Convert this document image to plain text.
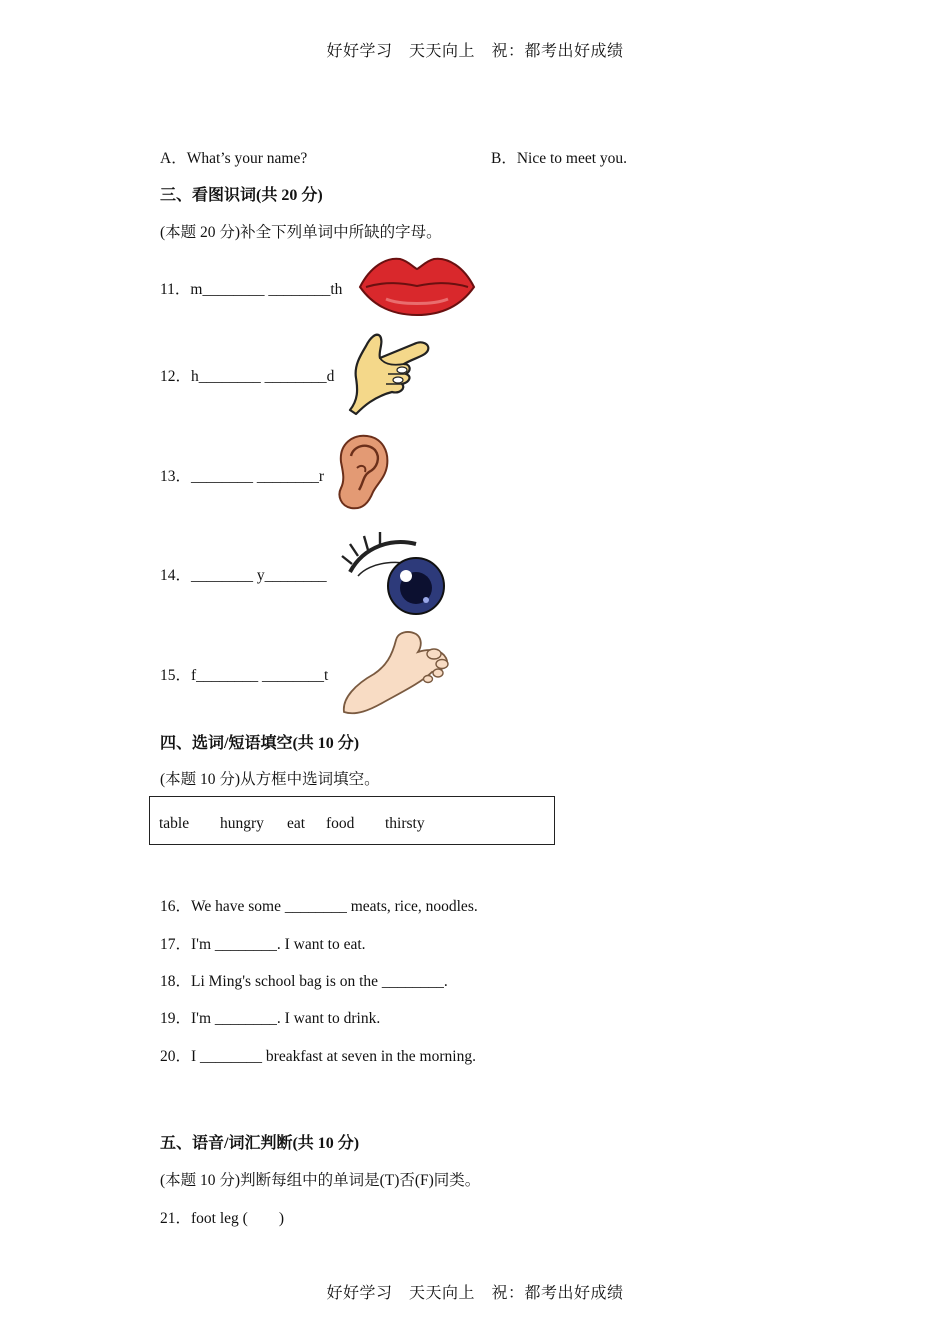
好好学习　天天向上　祝：都考出好成绩
A．What’s your name?	B．Nice to meet you.
三、看图识词(共 20 分)
(本题 20 分)补全下列单词中所缺的字母。
11．m________ ________th
12．h________ ________d
13．________ ________r
14．________ y________
15．f________ ________t
四、选词/短语填空(共 10 分)
(本题 10 分)从方框中选词填空。
table hungry eat food thirsty
16．We have some ________ meats, rice, noodles.
17．I'm ________. I want to eat.
18．Li Ming's school bag is on the ________.
19．I'm ________. I want to drink.
20．I ________ breakfast at seven in the morning.
五、语音/词汇判断(共 10 分)
(本题 10 分)判断每组中的单词是(T)否(F)同类。
21．foot leg (　　)
好好学习　天天向上　祝：都考出好成绩
